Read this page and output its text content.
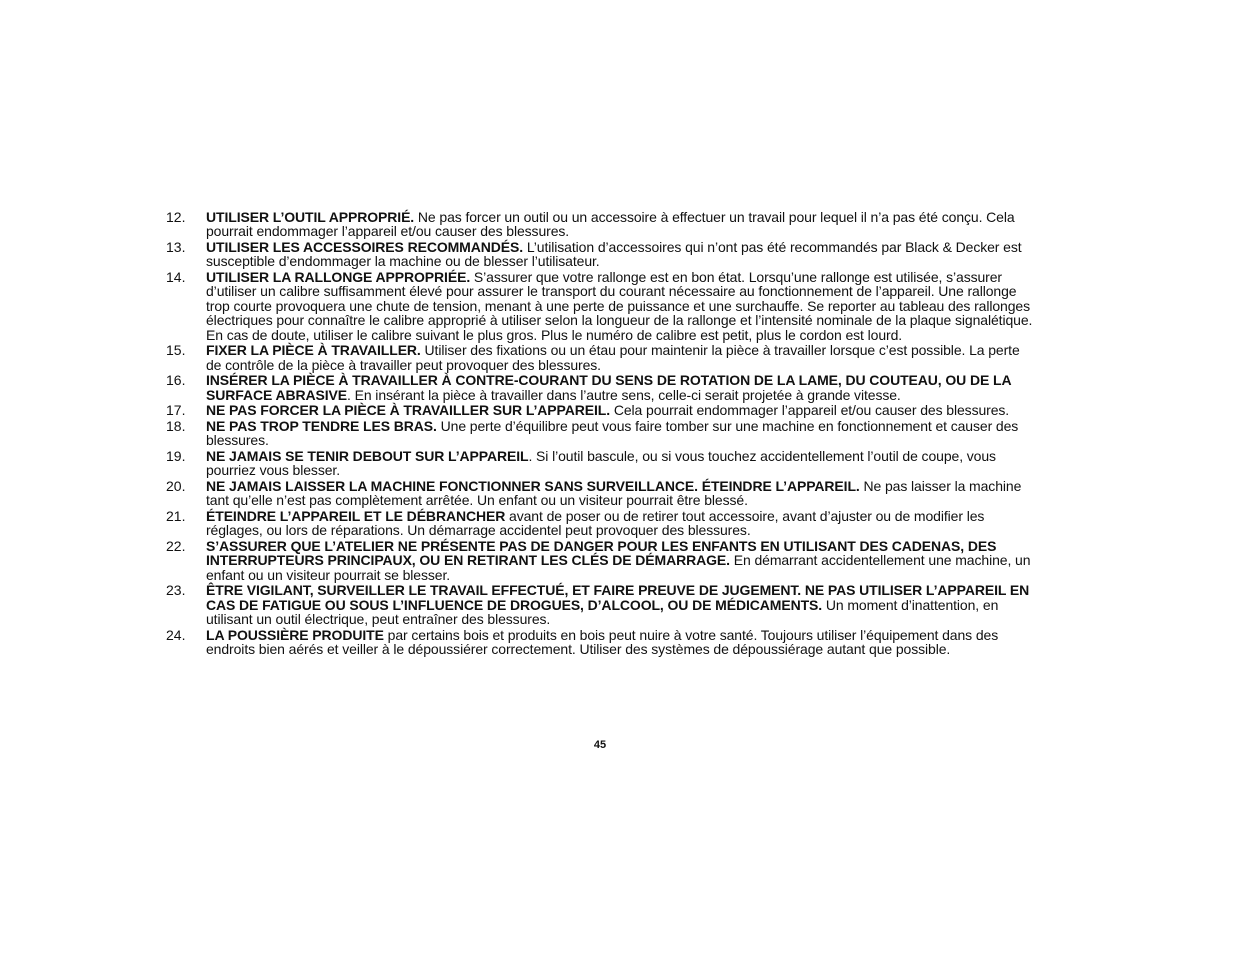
12.	UTILISER L’OUTIL APPROPRIÉ. Ne pas forcer un outil ou un accessoire à effectuer un travail pour lequel il n’a pas été conçu. Cela pourrait endommager l’appareil et/ou causer des blessures.
13.	UTILISER LES ACCESSOIRES RECOMMANDÉS. L’utilisation d’accessoires qui n’ont pas été recommandés par Black & Decker est susceptible d’endommager la machine ou de blesser l’utilisateur.
14.	UTILISER LA RALLONGE APPROPRIÉE. S’assurer que votre rallonge est en bon état. Lorsqu’une rallonge est utilisée, s’assurer d’utiliser un calibre suffisamment élevé pour assurer le transport du courant nécessaire au fonctionnement de l’appareil. Une rallonge trop courte provoquera une chute de tension, menant à une perte de puissance et une surchauffe. Se reporter au tableau des rallonges électriques pour connaître le calibre approprié à utiliser selon la longueur de la rallonge et l’intensité nominale de la plaque signalétique. En cas de doute, utiliser le calibre suivant le plus gros. Plus le numéro de calibre est petit, plus le cordon est lourd.
15.	FIXER LA PIÈCE À TRAVAILLER. Utiliser des fixations ou un étau pour maintenir la pièce à travailler lorsque c’est possible. La perte de contrôle de la pièce à travailler peut provoquer des blessures.
16.	INSÉRER LA PIÈCE À TRAVAILLER À CONTRE-COURANT DU SENS DE ROTATION DE LA LAME, DU COUTEAU, OU DE LA SURFACE ABRASIVE. En insérant la pièce à travailler dans l’autre sens, celle-ci serait projetée à grande vitesse.
17.	NE PAS FORCER LA PIÈCE À TRAVAILLER SUR L’APPAREIL. Cela pourrait endommager l’appareil et/ou causer des blessures.
18.	NE PAS TROP TENDRE LES BRAS. Une perte d’équilibre peut vous faire tomber sur une machine en fonctionnement et causer des blessures.
19.	NE JAMAIS SE TENIR DEBOUT SUR L’APPAREIL. Si l’outil bascule, ou si vous touchez accidentellement l’outil de coupe, vous pourriez vous blesser.
20.	NE JAMAIS LAISSER LA MACHINE FONCTIONNER SANS SURVEILLANCE. ÉTEINDRE L’APPAREIL. Ne pas laisser la machine tant qu’elle n’est pas complètement arrêtée. Un enfant ou un visiteur pourrait être blessé.
21.	ÉTEINDRE L’APPAREIL ET LE DÉBRANCHER avant de poser ou de retirer tout accessoire, avant d’ajuster ou de modifier les réglages, ou lors de réparations. Un démarrage accidentel peut provoquer des blessures.
22.	S’ASSURER QUE L’ATELIER NE PRÉSENTE PAS DE DANGER POUR LES ENFANTS EN UTILISANT DES CADENAS, DES INTERRUPTEURS PRINCIPAUX, OU EN RETIRANT LES CLÉS DE DÉMARRAGE. En démarrant accidentellement une machine, un enfant ou un visiteur pourrait se blesser.
23.	ÊTRE VIGILANT, SURVEILLER LE TRAVAIL EFFECTUÉ, ET FAIRE PREUVE DE JUGEMENT. NE PAS UTILISER L’APPAREIL EN CAS DE FATIGUE OU SOUS L’INFLUENCE DE DROGUES, D’ALCOOL, OU DE MÉDICAMENTS. Un moment d’inattention, en utilisant un outil électrique, peut entraîner des blessures.
24.	LA POUSSIÈRE PRODUITE par certains bois et produits en bois peut nuire à votre santé. Toujours utiliser l’équipement dans des endroits bien aérés et veiller à le dépoussiérer correctement. Utiliser des systèmes de dépoussiérage autant que possible.
45
